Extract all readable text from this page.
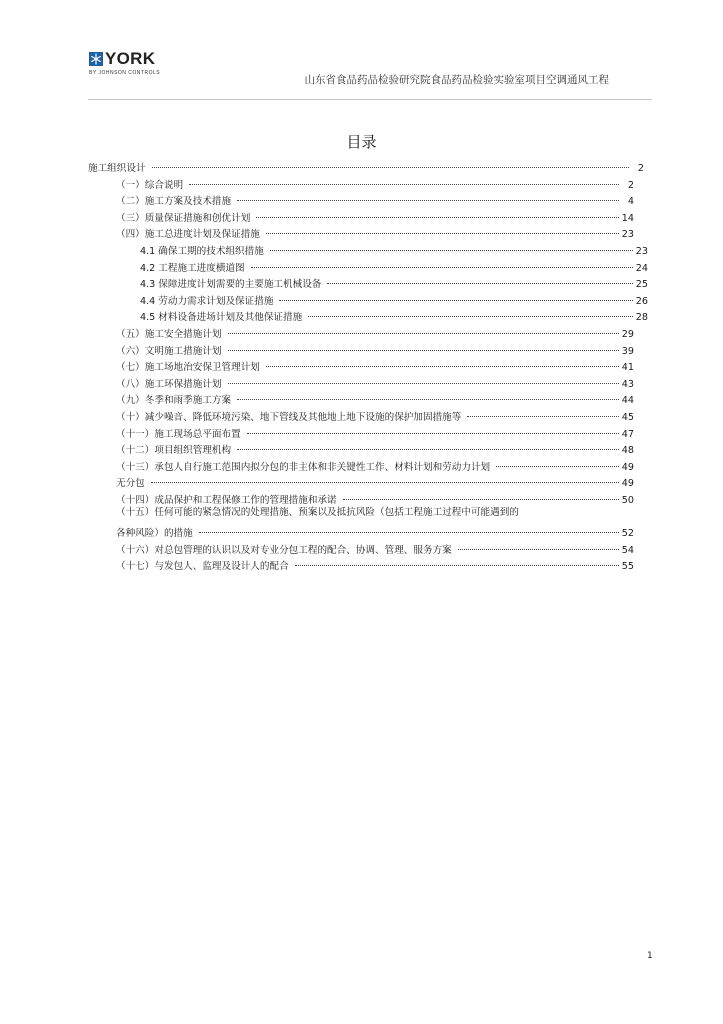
YORK
BY JOHNSON CONTROLS
山东省食品药品检验研究院食品药品检验实验室项目空调通风工程
目录
施工组织设计	2
（一）综合说明	2
（二）施工方案及技术措施	4
（三）质量保证措施和创优计划	14
（四）施工总进度计划及保证措施	23
4.1 确保工期的技术组织措施	23
4.2 工程施工进度横道图	24
4.3 保障进度计划需要的主要施工机械设备	25
4.4 劳动力需求计划及保证措施	26
4.5 材料设备进场计划及其他保证措施	28
（五）施工安全措施计划	29
（六）文明施工措施计划	39
（七）施工场地治安保卫管理计划	41
（八）施工环保措施计划	43
（九）冬季和雨季施工方案	44
（十）减少噪音、降低环境污染、地下管线及其他地上地下设施的保护加固措施等	45
（十一）施工现场总平面布置	47
（十二）项目组织管理机构	48
（十三）承包人自行施工范围内拟分包的非主体和非关键性工作、材料计划和劳动力计划	49
无分包	49
（十四）成品保护和工程保修工作的管理措施和承诺	50
（十五）任何可能的紧急情况的处理措施、预案以及抵抗风险（包括工程施工过程中可能遇到的
各种风险）的措施	52
（十六）对总包管理的认识以及对专业分包工程的配合、协调、管理、服务方案	54
（十七）与发包人、监理及设计人的配合	55
1
